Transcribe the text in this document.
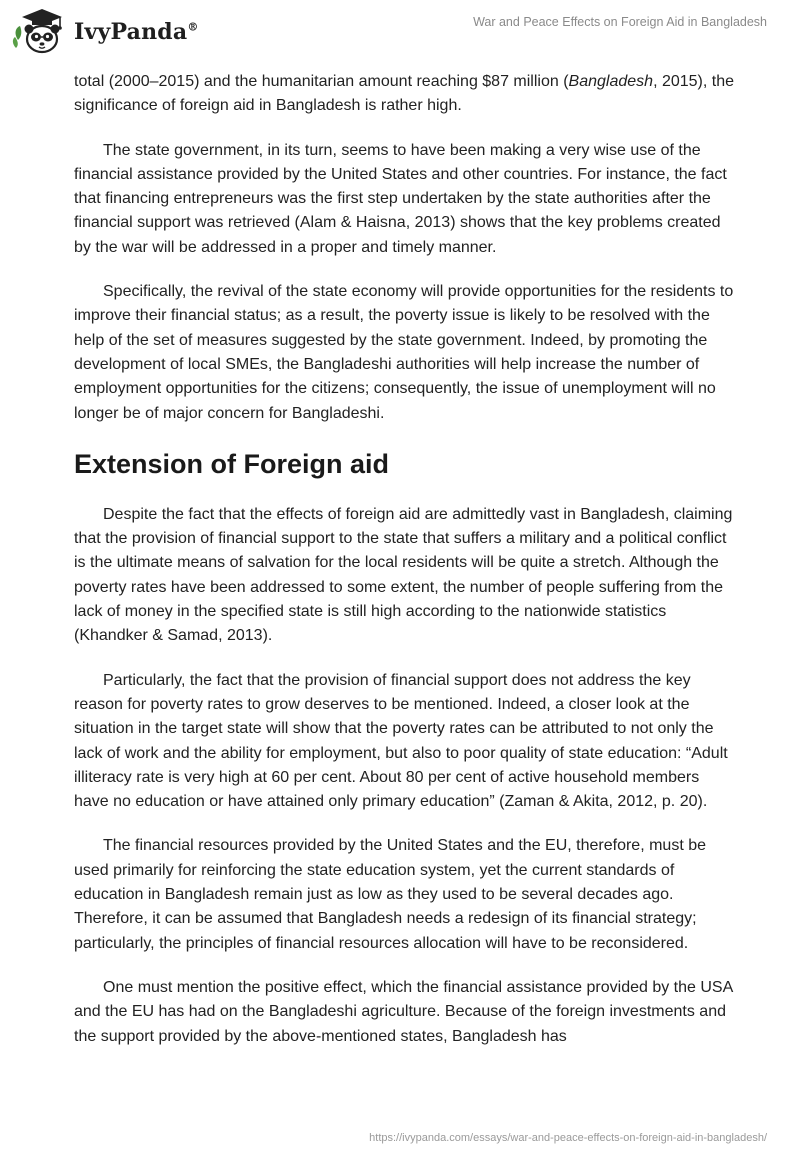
IvyPanda®	War and Peace Effects on Foreign Aid in Bangladesh

total (2000–2015) and the humanitarian amount reaching $87 million (Bangladesh, 2015), the significance of foreign aid in Bangladesh is rather high.

The state government, in its turn, seems to have been making a very wise use of the financial assistance provided by the United States and other countries. For instance, the fact that financing entrepreneurs was the first step undertaken by the state authorities after the financial support was retrieved (Alam & Haisna, 2013) shows that the key problems created by the war will be addressed in a proper and timely manner.

Specifically, the revival of the state economy will provide opportunities for the residents to improve their financial status; as a result, the poverty issue is likely to be resolved with the help of the set of measures suggested by the state government. Indeed, by promoting the development of local SMEs, the Bangladeshi authorities will help increase the number of employment opportunities for the citizens; consequently, the issue of unemployment will no longer be of major concern for Bangladeshi.

Extension of Foreign aid

Despite the fact that the effects of foreign aid are admittedly vast in Bangladesh, claiming that the provision of financial support to the state that suffers a military and a political conflict is the ultimate means of salvation for the local residents will be quite a stretch. Although the poverty rates have been addressed to some extent, the number of people suffering from the lack of money in the specified state is still high according to the nationwide statistics (Khandker & Samad, 2013).

Particularly, the fact that the provision of financial support does not address the key reason for poverty rates to grow deserves to be mentioned. Indeed, a closer look at the situation in the target state will show that the poverty rates can be attributed to not only the lack of work and the ability for employment, but also to poor quality of state education: “Adult illiteracy rate is very high at 60 per cent. About 80 per cent of active household members have no education or have attained only primary education” (Zaman & Akita, 2012, p. 20).

The financial resources provided by the United States and the EU, therefore, must be used primarily for reinforcing the state education system, yet the current standards of education in Bangladesh remain just as low as they used to be several decades ago. Therefore, it can be assumed that Bangladesh needs a redesign of its financial strategy; particularly, the principles of financial resources allocation will have to be reconsidered.

One must mention the positive effect, which the financial assistance provided by the USA and the EU has had on the Bangladeshi agriculture. Because of the foreign investments and the support provided by the above-mentioned states, Bangladesh has

https://ivypanda.com/essays/war-and-peace-effects-on-foreign-aid-in-bangladesh/
